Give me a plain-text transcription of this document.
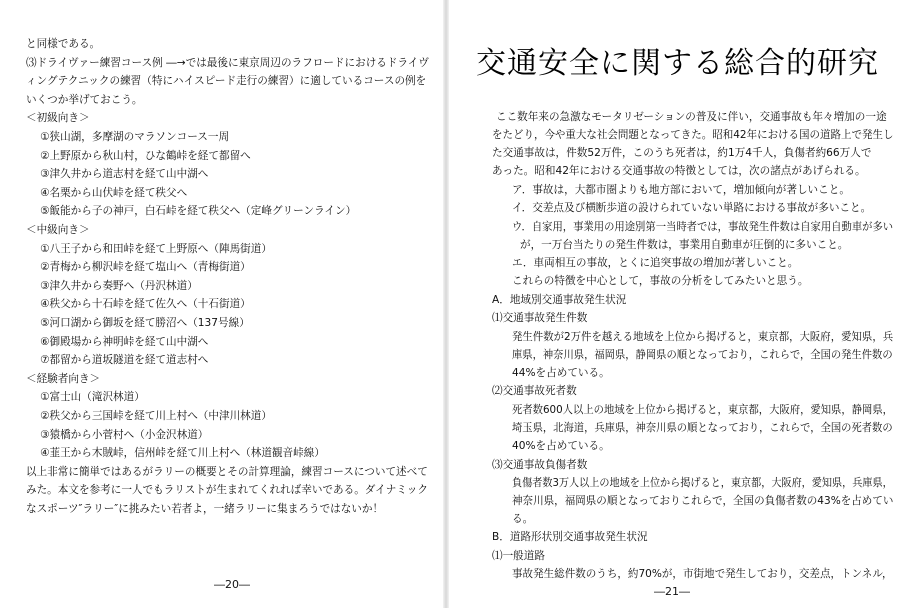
と同様である。
⑶ドライヴァー練習コース例 ―→では最後に東京周辺のラフロードにおけるドライヴ
ィングテクニックの練習（特にハイスピード走行の練習）に適しているコースの例を
いくつか挙げておこう。
＜初級向き＞
①狭山湖，多摩湖のマラソンコース一周
②上野原から秋山村，ひな鶴峠を経て都留へ
③津久井から道志村を経て山中湖へ
④名栗から山伏峠を経て秩父へ
⑤飯能から子の神戸，白石峠を経て秩父へ（定峰グリーンライン）
＜中級向き＞
①八王子から和田峠を経て上野原へ（陣馬街道）
②青梅から柳沢峠を経て塩山へ（青梅街道）
③津久井から奏野へ（丹沢林道）
④秩父から十石峠を経て佐久へ（十石街道）
⑤河口湖から御坂を経て勝沼へ（137号線）
⑥御殿場から神明峠を経て山中湖へ
⑦都留から道坂隧道を経て道志村へ
＜経験者向き＞
①富士山（滝沢林道）
②秩父から三国峠を経て川上村へ（中津川林道）
③猿橋から小菅村へ（小金沢林道）
④韮王から木賊峠，信州峠を経て川上村へ（林道観音峠線）
以上非常に簡単ではあるがラリーの概要とその計算理論，練習コースについて述べて
みた。本文を参考に一人でもラリストが生まれてくれれば幸いである。ダイナミック
なスポーツ″ラリー″に挑みたい若者よ，一緒ラリーに集まろうではないか！
―20―
交通安全に関する総合的研究
ここ数年来の急激なモータリゼーションの普及に伴い，交通事故も年々増加の一途
をたどり，今や重大な社会問題となってきた。昭和42年における国の道路上で発生し
た交通事故は，件数52万件，このうち死者は，約1万4千人，負傷者約66万人で
あった。昭和42年における交通事故の特徴としては，次の諸点があげられる。
ア．事故は，大都市圏よりも地方部において，増加傾向が著しいこと。
イ．交差点及び横断歩道の設けられていない単路における事故が多いこと。
ウ．自家用，事業用の用途別第一当時者では，事故発生件数は自家用自動車が多い
が，一万台当たりの発生件数は，事業用自動車が圧倒的に多いこと。
エ．車両相互の事故，とくに追突事故の増加が著しいこと。
これらの特徴を中心として，事故の分析をしてみたいと思う。
A．地域別交通事故発生状況
⑴交通事故発生件数
発生件数が2万件を越える地域を上位から掲げると，東京都，大阪府，愛知県，兵
庫県，神奈川県，福岡県，静岡県の順となっており，これらで，全国の発生件数の
44%を占めている。
⑵交通事故死者数
死者数600人以上の地域を上位から掲げると，東京都，大阪府，愛知県，静岡県，
埼玉県，北海道，兵庫県，神奈川県の順となっており，これらで，全国の死者数の
40%を占めている。
⑶交通事故負傷者数
負傷者数3万人以上の地域を上位から掲げると，東京都，大阪府，愛知県，兵庫県，
神奈川県，福岡県の順となっておりこれらで，全国の負傷者数の43%を占めてい
る。
B．道路形状別交通事故発生状況
⑴一般道路
事故発生総件数のうち，約70%が，市街地で発生しており，交差点，トンネル，
―21―
